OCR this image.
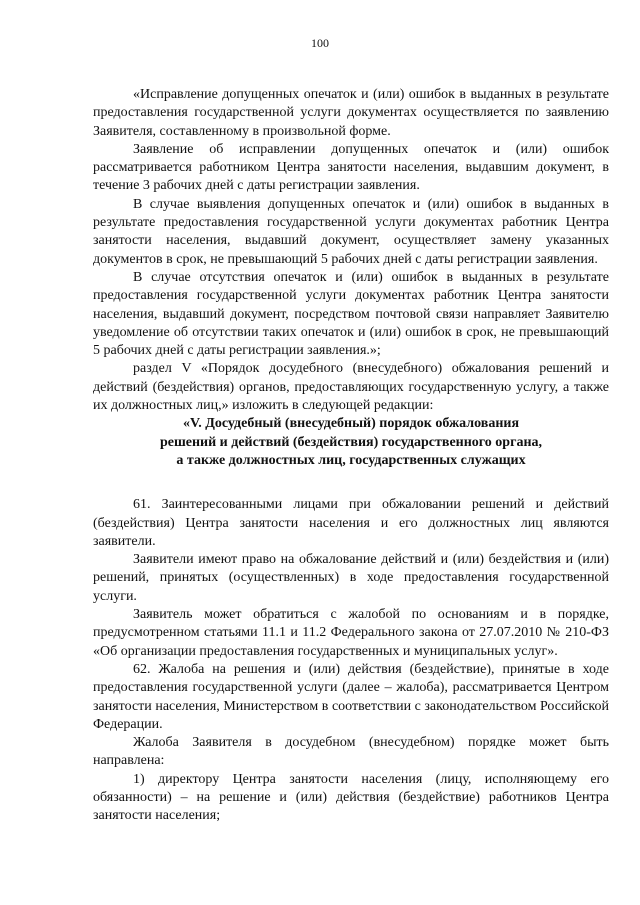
100

«Исправление допущенных опечаток и (или) ошибок в выданных в результате предоставления государственной услуги документах осуществляется по заявлению Заявителя, составленному в произвольной форме.

Заявление об исправлении допущенных опечаток и (или) ошибок рассматривается работником Центра занятости населения, выдавшим документ, в течение 3 рабочих дней с даты регистрации заявления.

В случае выявления допущенных опечаток и (или) ошибок в выданных в результате предоставления государственной услуги документах работник Центра занятости населения, выдавший документ, осуществляет замену указанных документов в срок, не превышающий 5 рабочих дней с даты регистрации заявления.

В случае отсутствия опечаток и (или) ошибок в выданных в результате предоставления государственной услуги документах работник Центра занятости населения, выдавший документ, посредством почтовой связи направляет Заявителю уведомление об отсутствии таких опечаток и (или) ошибок в срок, не превышающий 5 рабочих дней с даты регистрации заявления.»;

раздел V «Порядок досудебного (внесудебного) обжалования решений и действий (бездействия) органов, предоставляющих государственную услугу, а также их должностных лиц,» изложить в следующей редакции:

«V. Досудебный (внесудебный) порядок обжалования
решений и действий (бездействия) государственного органа,
а также должностных лиц, государственных служащих

61. Заинтересованными лицами при обжаловании решений и действий (бездействия) Центра занятости населения и его должностных лиц являются заявители.

Заявители имеют право на обжалование действий и (или) бездействия и (или) решений, принятых (осуществленных) в ходе предоставления государственной услуги.

Заявитель может обратиться с жалобой по основаниям и в порядке, предусмотренном статьями 11.1 и 11.2 Федерального закона от 27.07.2010 № 210-ФЗ «Об организации предоставления государственных и муниципальных услуг».

62. Жалоба на решения и (или) действия (бездействие), принятые в ходе предоставления государственной услуги (далее – жалоба), рассматривается Центром занятости населения, Министерством в соответствии с законодательством Российской Федерации.

Жалоба Заявителя в досудебном (внесудебном) порядке может быть направлена:

1) директору Центра занятости населения (лицу, исполняющему его обязанности) – на решение и (или) действия (бездействие) работников Центра занятости населения;
